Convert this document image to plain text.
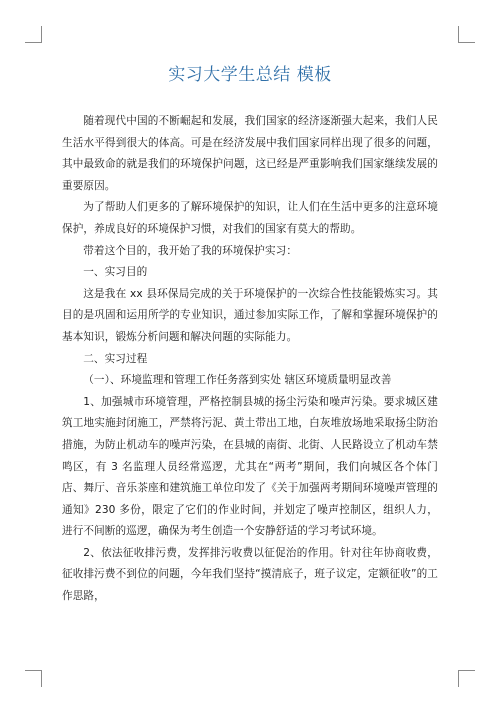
实习大学生总结 模板

随着现代中国的不断崛起和发展，我们国家的经济逐渐强大起来，我们人民生活水平得到很大的体高。可是在经济发展中我们国家同样出现了很多的问题，其中最致命的就是我们的环境保护问题，这已经是严重影响我们国家继续发展的重要原因。

为了帮助人们更多的了解环境保护的知识，让人们在生活中更多的注意环境保护，养成良好的环境保护习惯，对我们的国家有莫大的帮助。

带着这个目的，我开始了我的环境保护实习：

一、实习目的

这是我在 xx 县环保局完成的关于环境保护的一次综合性技能锻炼实习。其目的是巩固和运用所学的专业知识，通过参加实际工作，了解和掌握环境保护的基本知识，锻炼分析问题和解决问题的实际能力。

二、实习过程

（一）、环境监理和管理工作任务落到实处 辖区环境质量明显改善

1、加强城市环境管理，严格控制县城的扬尘污染和噪声污染。要求城区建筑工地实施封闭施工，严禁将污泥、黄土带出工地，白灰堆放场地采取扬尘防治措施，为防止机动车的噪声污染，在县城的南街、北街、人民路设立了机动车禁鸣区，有 3 名监理人员经常巡逻，尤其在“两考”期间，我们向城区各个体门店、舞厅、音乐茶座和建筑施工单位印发了《关于加强两考期间环境噪声管理的通知》230 多份，限定了它们的作业时间，并划定了噪声控制区，组织人力，进行不间断的巡逻，确保为考生创造一个安静舒适的学习考试环境。

2、依法征收排污费，发挥排污收费以征促治的作用。针对往年协商收费，征收排污费不到位的问题，今年我们坚持“摸清底子，班子议定，定额征收”的工作思路，
